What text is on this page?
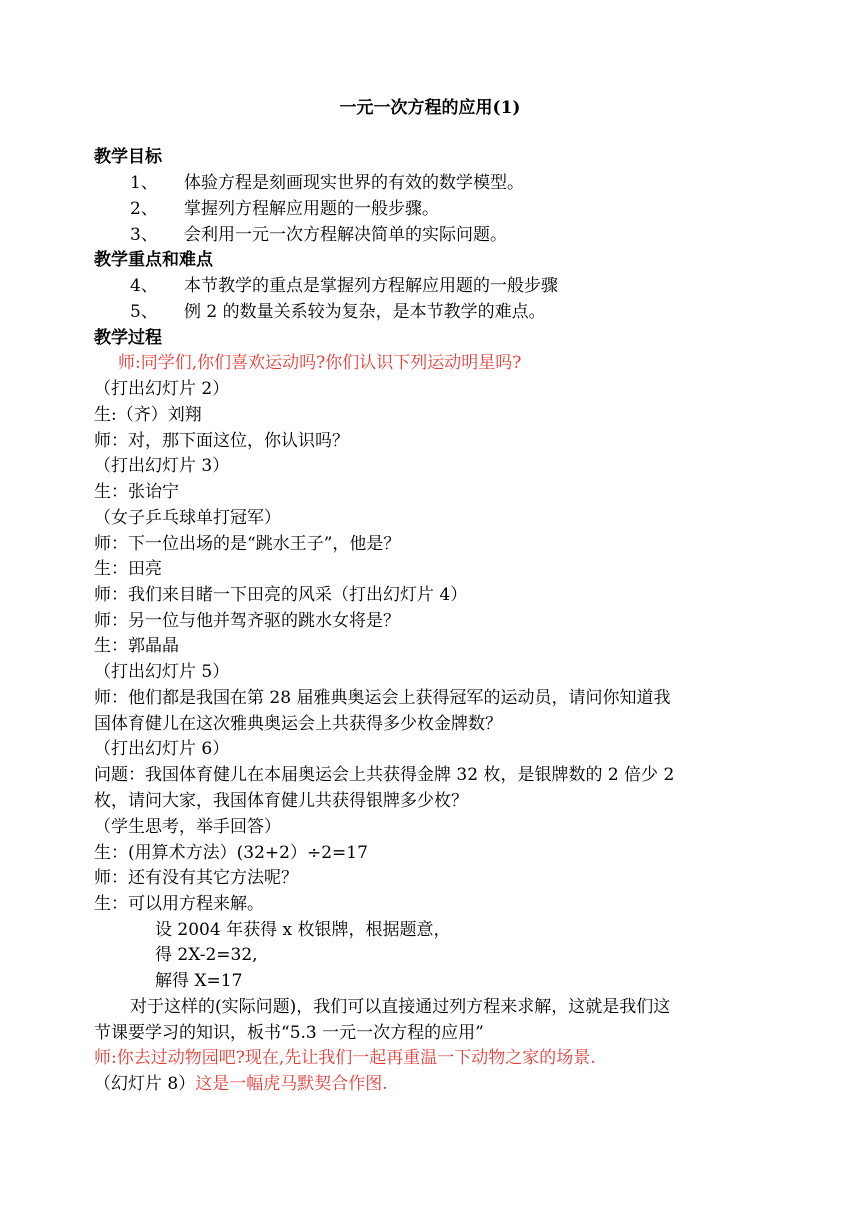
一元一次方程的应用(1)
教学目标
1、 体验方程是刻画现实世界的有效的数学模型。
2、 掌握列方程解应用题的一般步骤。
3、 会利用一元一次方程解决简单的实际问题。
教学重点和难点
4、 本节教学的重点是掌握列方程解应用题的一般步骤
5、 例 2 的数量关系较为复杂，是本节教学的难点。
教学过程
师:同学们,你们喜欢运动吗?你们认识下列运动明星吗?
（打出幻灯片 2）
生:（齐）刘翔
师：对，那下面这位，你认识吗？
（打出幻灯片 3）
生：张诒宁
（女子乒乓球单打冠军）
师：下一位出场的是“跳水王子”，他是？
生：田亮
师：我们来目睹一下田亮的风采（打出幻灯片 4）
师：另一位与他并驾齐驱的跳水女将是？
生：郭晶晶
（打出幻灯片 5）
师：他们都是我国在第 28 届雅典奥运会上获得冠军的运动员，请问你知道我
国体育健儿在这次雅典奥运会上共获得多少枚金牌数？
（打出幻灯片 6）
问题：我国体育健儿在本届奥运会上共获得金牌 32 枚，是银牌数的 2 倍少 2
枚，请问大家，我国体育健儿共获得银牌多少枚？
（学生思考，举手回答）
生：(用算术方法）(32+2）÷2=17
师：还有没有其它方法呢？
生：可以用方程来解。
设 2004 年获得 x 枚银牌，根据题意，
得 2X-2=32,
解得 X=17
对于这样的(实际问题)，我们可以直接通过列方程来求解，这就是我们这
节课要学习的知识，板书“5.3 一元一次方程的应用”
师:你去过动物园吧?现在,先让我们一起再重温一下动物之家的场景.
（幻灯片 8）这是一幅虎马默契合作图.
